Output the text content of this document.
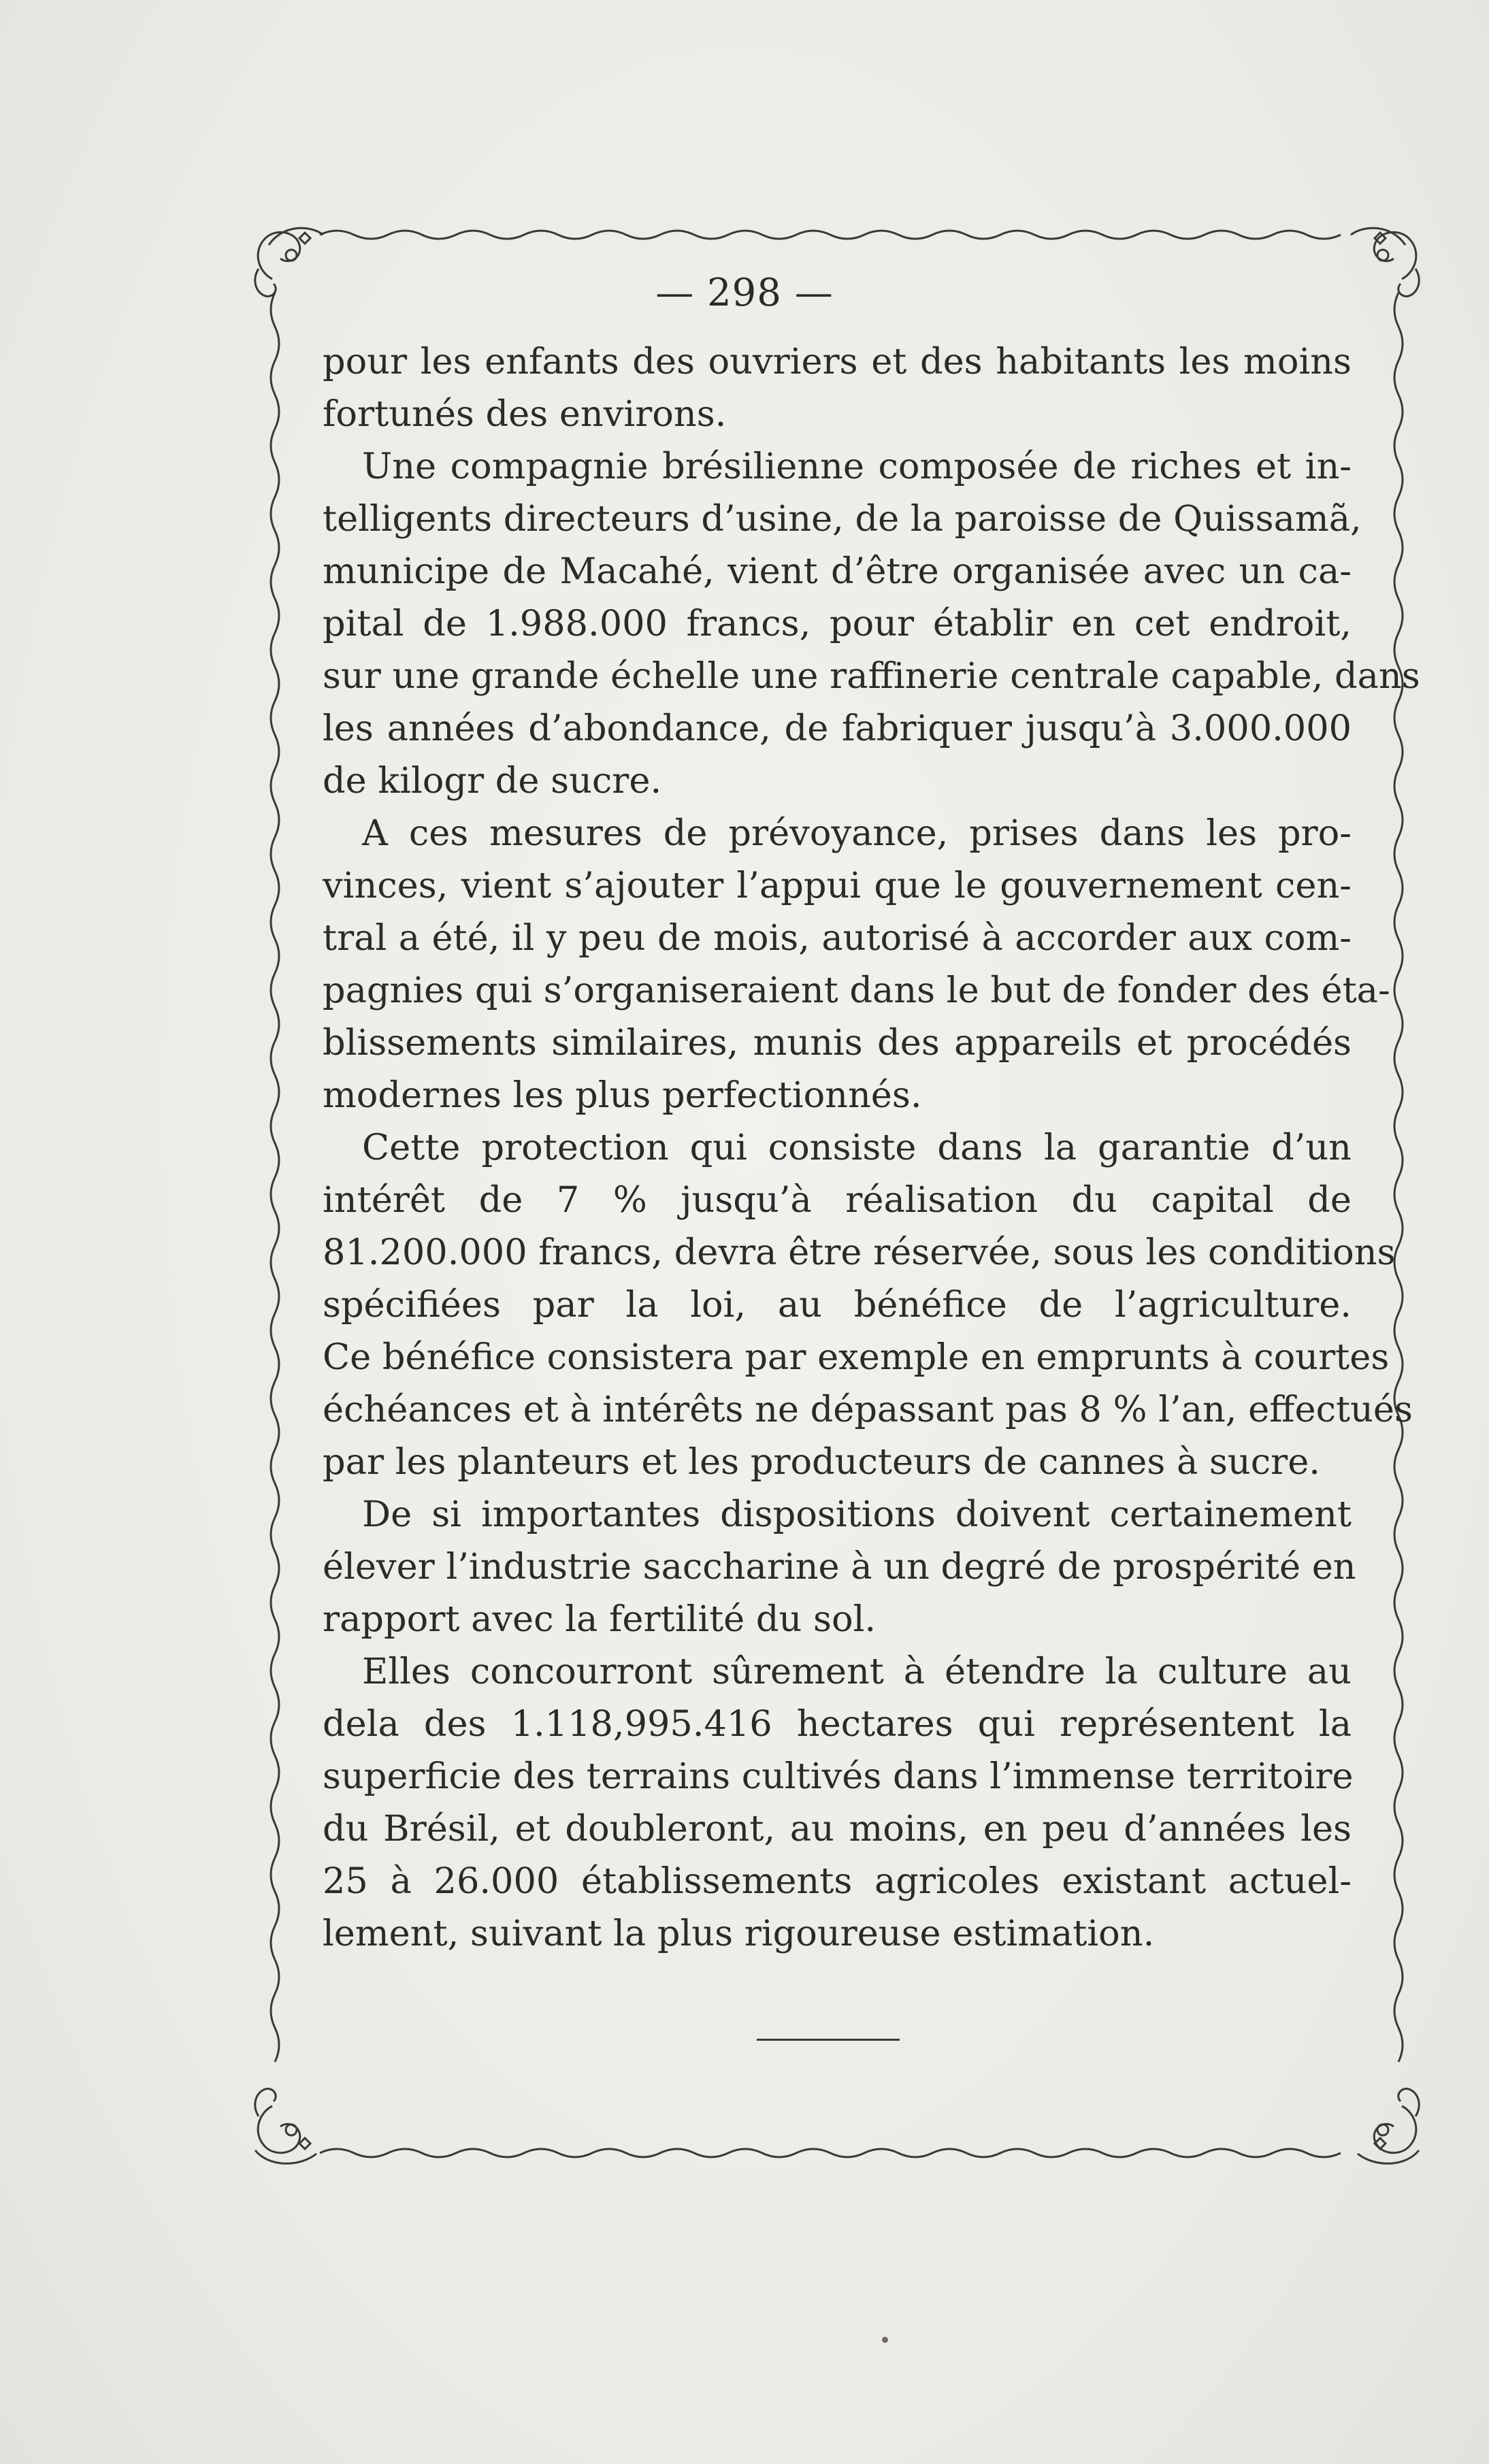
— 298 —
pour les enfants des ouvriers et des habitants les moins
fortunés des environs.
Une compagnie brésilienne composée de riches et in-
telligents directeurs d’usine, de la paroisse de Quissamã,
municipe de Macahé, vient d’être organisée avec un ca-
pital de 1.988.000 francs, pour établir en cet endroit,
sur une grande échelle une raffinerie centrale capable, dans
les années d’abondance, de fabriquer jusqu’à 3.000.000
de kilogr de sucre.
A ces mesures de prévoyance, prises dans les pro-
vinces, vient s’ajouter l’appui que le gouvernement cen-
tral a été, il y peu de mois, autorisé à accorder aux com-
pagnies qui s’organiseraient dans le but de fonder des éta-
blissements similaires, munis des appareils et procédés
modernes les plus perfectionnés.
Cette protection qui consiste dans la garantie d’un
intérêt de 7 % jusqu’à réalisation du capital de
81.200.000 francs, devra être réservée, sous les conditions
spécifiées par la loi, au bénéfice de l’agriculture.
Ce bénéfice consistera par exemple en emprunts à courtes
échéances et à intérêts ne dépassant pas 8 % l’an, effectués
par les planteurs et les producteurs de cannes à sucre.
De si importantes dispositions doivent certainement
élever l’industrie saccharine à un degré de prospérité en
rapport avec la fertilité du sol.
Elles concourront sûrement à étendre la culture au
dela des 1.118,995.416 hectares qui représentent la
superficie des terrains cultivés dans l’immense territoire
du Brésil, et doubleront, au moins, en peu d’années les
25 à 26.000 établissements agricoles existant actuel-
lement, suivant la plus rigoureuse estimation.
